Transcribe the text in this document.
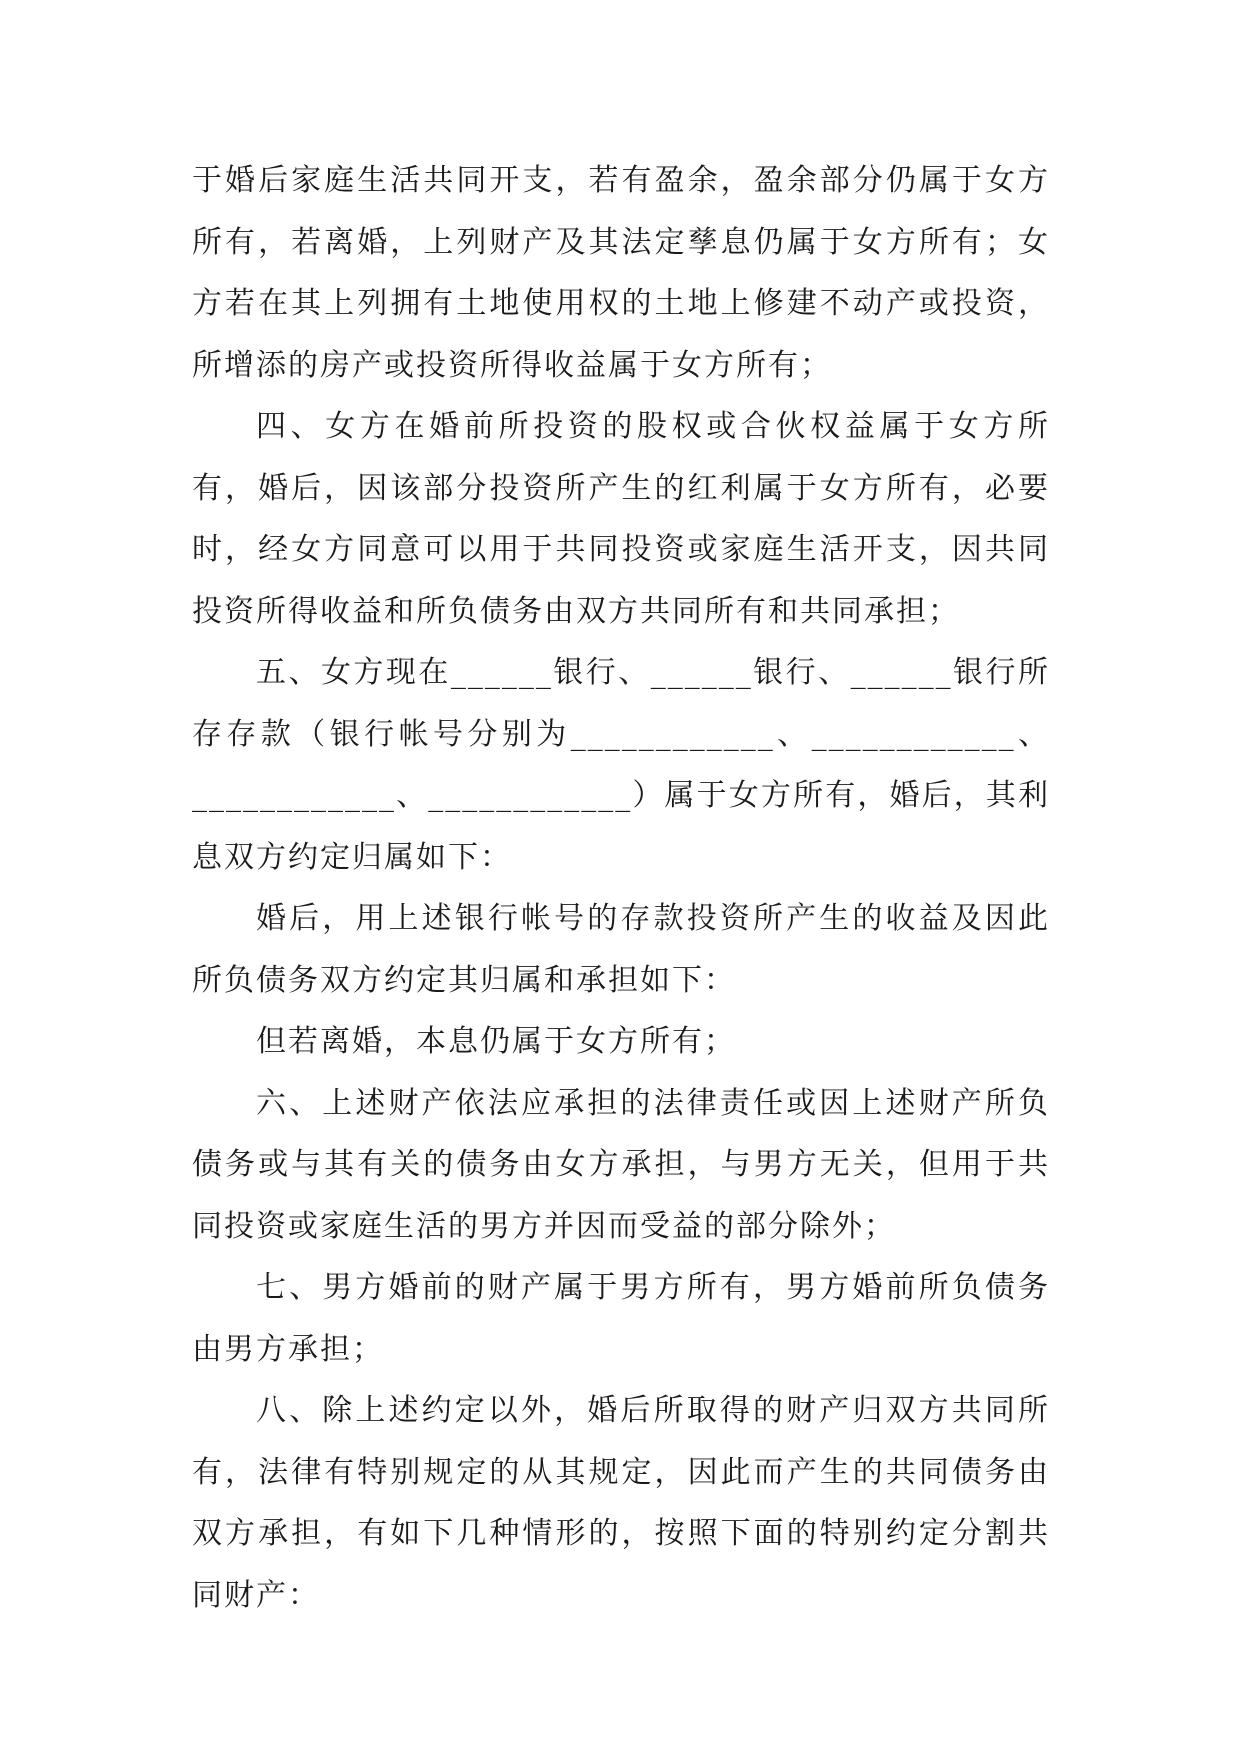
于婚后家庭生活共同开支，若有盈余，盈余部分仍属于女方所有，若离婚，上列财产及其法定孳息仍属于女方所有；女方若在其上列拥有土地使用权的土地上修建不动产或投资，所增添的房产或投资所得收益属于女方所有；

四、女方在婚前所投资的股权或合伙权益属于女方所有，婚后，因该部分投资所产生的红利属于女方所有，必要时，经女方同意可以用于共同投资或家庭生活开支，因共同投资所得收益和所负债务由双方共同所有和共同承担；

五、女方现在______银行、______银行、______银行所存存款（银行帐号分别为____________、____________、____________、____________）属于女方所有，婚后，其利息双方约定归属如下：

婚后，用上述银行帐号的存款投资所产生的收益及因此所负债务双方约定其归属和承担如下：

但若离婚，本息仍属于女方所有；

六、上述财产依法应承担的法律责任或因上述财产所负债务或与其有关的债务由女方承担，与男方无关，但用于共同投资或家庭生活的男方并因而受益的部分除外；

七、男方婚前的财产属于男方所有，男方婚前所负债务由男方承担；

八、除上述约定以外，婚后所取得的财产归双方共同所有，法律有特别规定的从其规定，因此而产生的共同债务由双方承担，有如下几种情形的，按照下面的特别约定分割共同财产：
